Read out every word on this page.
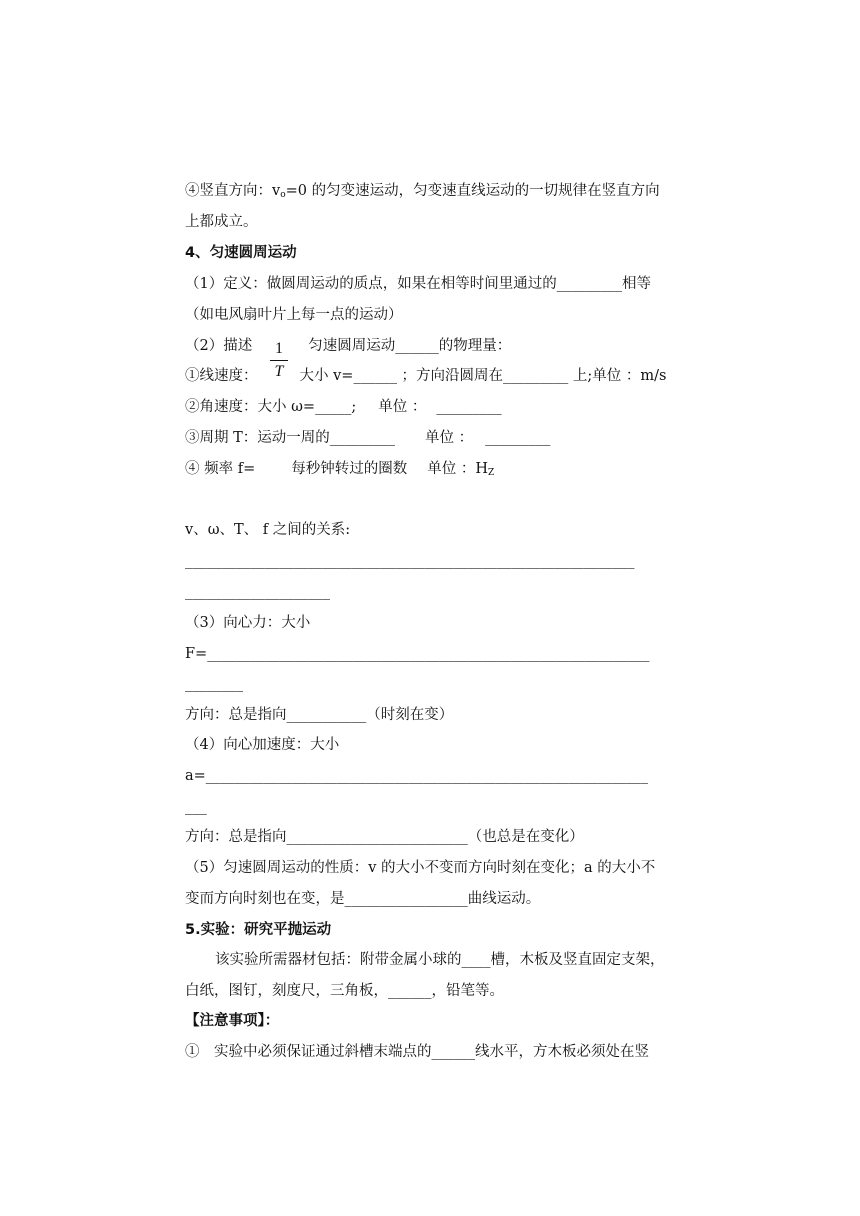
④竖直方向：$v_o=0$ 的匀变速运动，匀变速直线运动的一切规律在竖直方向
上都成立。
4、匀速圆周运动
（1）定义：做圆周运动的质点，如果在相等时间里通过的_________相等
（如电风扇叶片上每一点的运动）
（2）描述	匀速圆周运动______的物理量：
1
T
①线速度：	大小 v=______ ；方向沿圆周在_________ 上;单位 ：m/s
②角速度：大小 ω=_____; 单位 ： _________
③周期 T：运动一周的_________ 单位 ： _________
④ 频率 f= 每秒钟转过的圈数 单位 ：$H_Z$
v、ω、T、 f 之间的关系:
______________________________________________________________
____________________
（3）向心力：大小
F=_____________________________________________________________
________
方向：总是指向___________（时刻在变）
（4）向心加速度：大小
a=_____________________________________________________________
___
方向：总是指向_________________________（也总是在变化）
（5）匀速圆周运动的性质：v 的大小不变而方向时刻在变化；a 的大小不
变而方向时刻也在变，是_________________曲线运动。
5.实验：研究平抛运动
该实验所需器材包括：附带金属小球的____槽，木板及竖直固定支架，
白纸，图钉，刻度尺，三角板，______，铅笔等。
【注意事项】：
①　实验中必须保证通过斜槽末端点的______线水平，方木板必须处在竖
